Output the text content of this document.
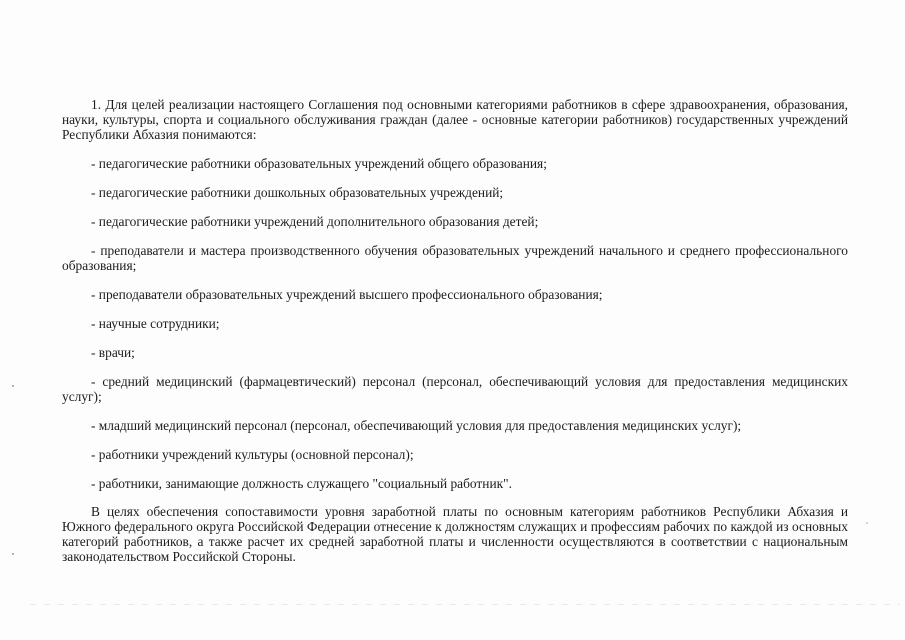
1. Для целей реализации настоящего Соглашения под основными категориями работников в сфере здравоохранения, образования, науки, культуры, спорта и социального обслуживания граждан (далее - основные категории работников) государственных учреждений Республики Абхазия понимаются:

- педагогические работники образовательных учреждений общего образования;

- педагогические работники дошкольных образовательных учреждений;

- педагогические работники учреждений дополнительного образования детей;

- преподаватели и мастера производственного обучения образовательных учреждений начального и среднего профессионального образования;

- преподаватели образовательных учреждений высшего профессионального образования;

- научные сотрудники;

- врачи;

- средний медицинский (фармацевтический) персонал (персонал, обеспечивающий условия для предоставления медицинских услуг);

- младший медицинский персонал (персонал, обеспечивающий условия для предоставления медицинских услуг);

- работники учреждений культуры (основной персонал);

- работники, занимающие должность служащего "социальный работник".

В целях обеспечения сопоставимости уровня заработной платы по основным категориям работников Республики Абхазия и Южного федерального округа Российской Федерации отнесение к должностям служащих и профессиям рабочих по каждой из основных категорий работников, а также расчет их средней заработной платы и численности осуществляются в соответствии с национальным законодательством Российской Стороны.
